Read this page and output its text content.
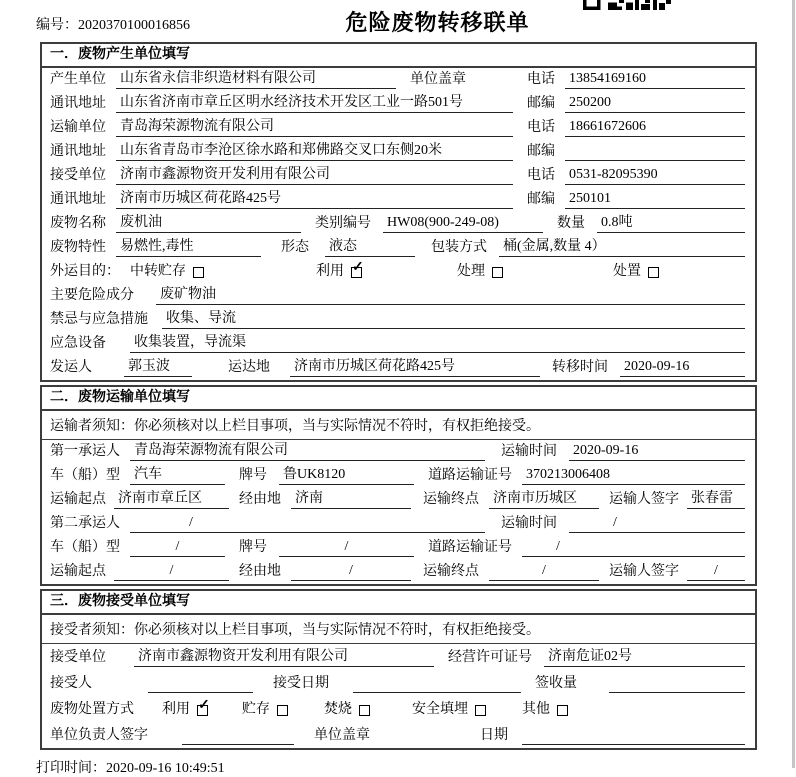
编号：2020370100016856	危险废物转移联单
一．废物产生单位填写
产生单位 山东省永信非织造材料有限公司	单位盖章	电话 13854169160
通讯地址 山东省济南市章丘区明水经济技术开发区工业一路501号	邮编 250200
运输单位 青岛海荣源物流有限公司	电话 18661672606
通讯地址 山东省青岛市李沧区徐水路和郑佛路交叉口东侧20米	邮编
接受单位 济南市鑫源物资开发利用有限公司	电话 0531-82095390
通讯地址 济南市历城区荷花路425号	邮编 250101
废物名称 废机油	类别编号 HW08(900-249-08)	数量 0.8吨
废物特性 易燃性,毒性	形态 液态	包装方式 桶(金属,数量 4）
外运目的： 中转贮存	利用 ✓	处理	处置
主要危险成分 废矿物油
禁忌与应急措施 收集、导流
应急设备 收集装置，导流渠
发运人	郭玉波	运达地 济南市历城区荷花路425号	转移时间 2020-09-16
二．废物运输单位填写
运输者须知：你必须核对以上栏目事项，当与实际情况不符时，有权拒绝接受。
第一承运人 青岛海荣源物流有限公司	运输时间 2020-09-16
车（船）型 汽车	牌号 鲁UK8120	道路运输证号 370213006408
运输起点 济南市章丘区	经由地 济南	运输终点 济南市历城区	运输人签字 张春雷
第二承运人	/	运输时间	/
车（船）型	/	牌号	/	道路运输证号	/
运输起点	/	经由地	/	运输终点	/	运输人签字	/
三．废物接受单位填写
接受者须知：你必须核对以上栏目事项，当与实际情况不符时，有权拒绝接受。
接受单位 济南市鑫源物资开发利用有限公司	经营许可证号 济南危证02号
接受人	接受日期	签收量
废物处置方式 利用 ✓ 贮存	焚烧	安全填埋	其他
单位负责人签字	单位盖章	日期
打印时间：2020-09-16 10:49:51
